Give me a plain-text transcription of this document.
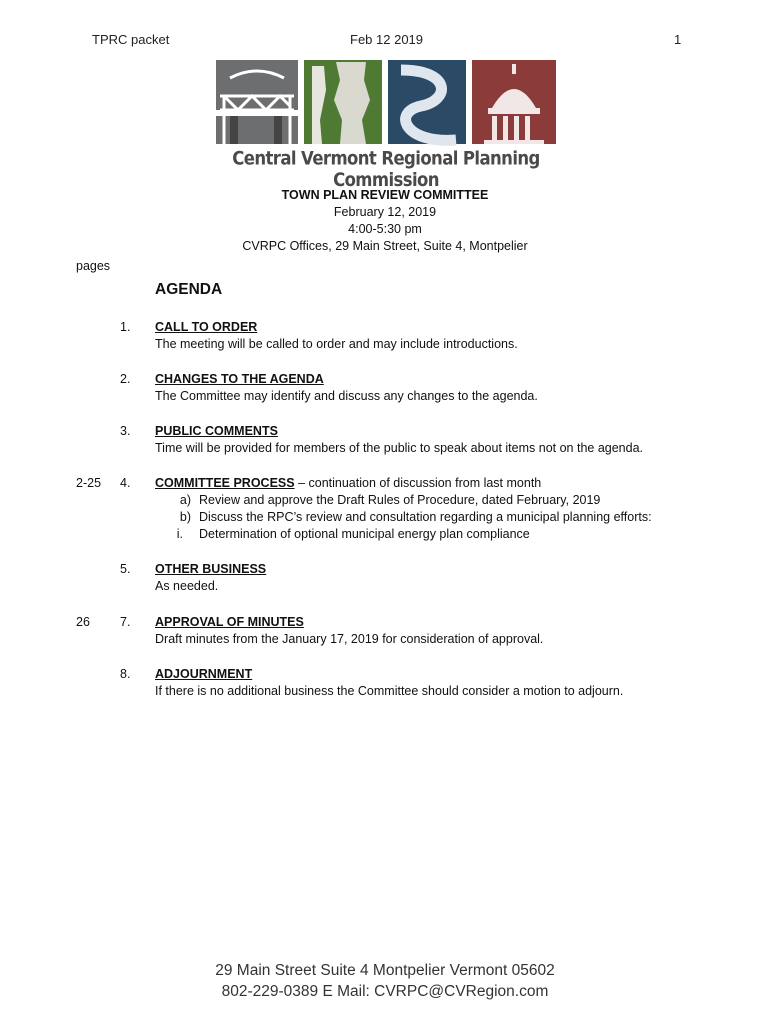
TPRC packet	Feb 12 2019	1
Central Vermont Regional Planning Commission
TOWN PLAN REVIEW COMMITTEE
February 12, 2019
4:00-5:30 pm
CVRPC Offices, 29 Main Street, Suite 4, Montpelier
pages
AGENDA
1. CALL TO ORDER
The meeting will be called to order and may include introductions.
2. CHANGES TO THE AGENDA
The Committee may identify and discuss any changes to the agenda.
3. PUBLIC COMMENTS
Time will be provided for members of the public to speak about items not on the agenda.
2-25 4. COMMITTEE PROCESS – continuation of discussion from last month
a) Review and approve the Draft Rules of Procedure, dated February, 2019
b) Discuss the RPC’s review and consultation regarding a municipal planning efforts:
i. Determination of optional municipal energy plan compliance
5. OTHER BUSINESS
As needed.
26 7. APPROVAL OF MINUTES
Draft minutes from the January 17, 2019 for consideration of approval.
8. ADJOURNMENT
If there is no additional business the Committee should consider a motion to adjourn.
29 Main Street Suite 4 Montpelier Vermont 05602
802-229-0389 E Mail: CVRPC@CVRegion.com
